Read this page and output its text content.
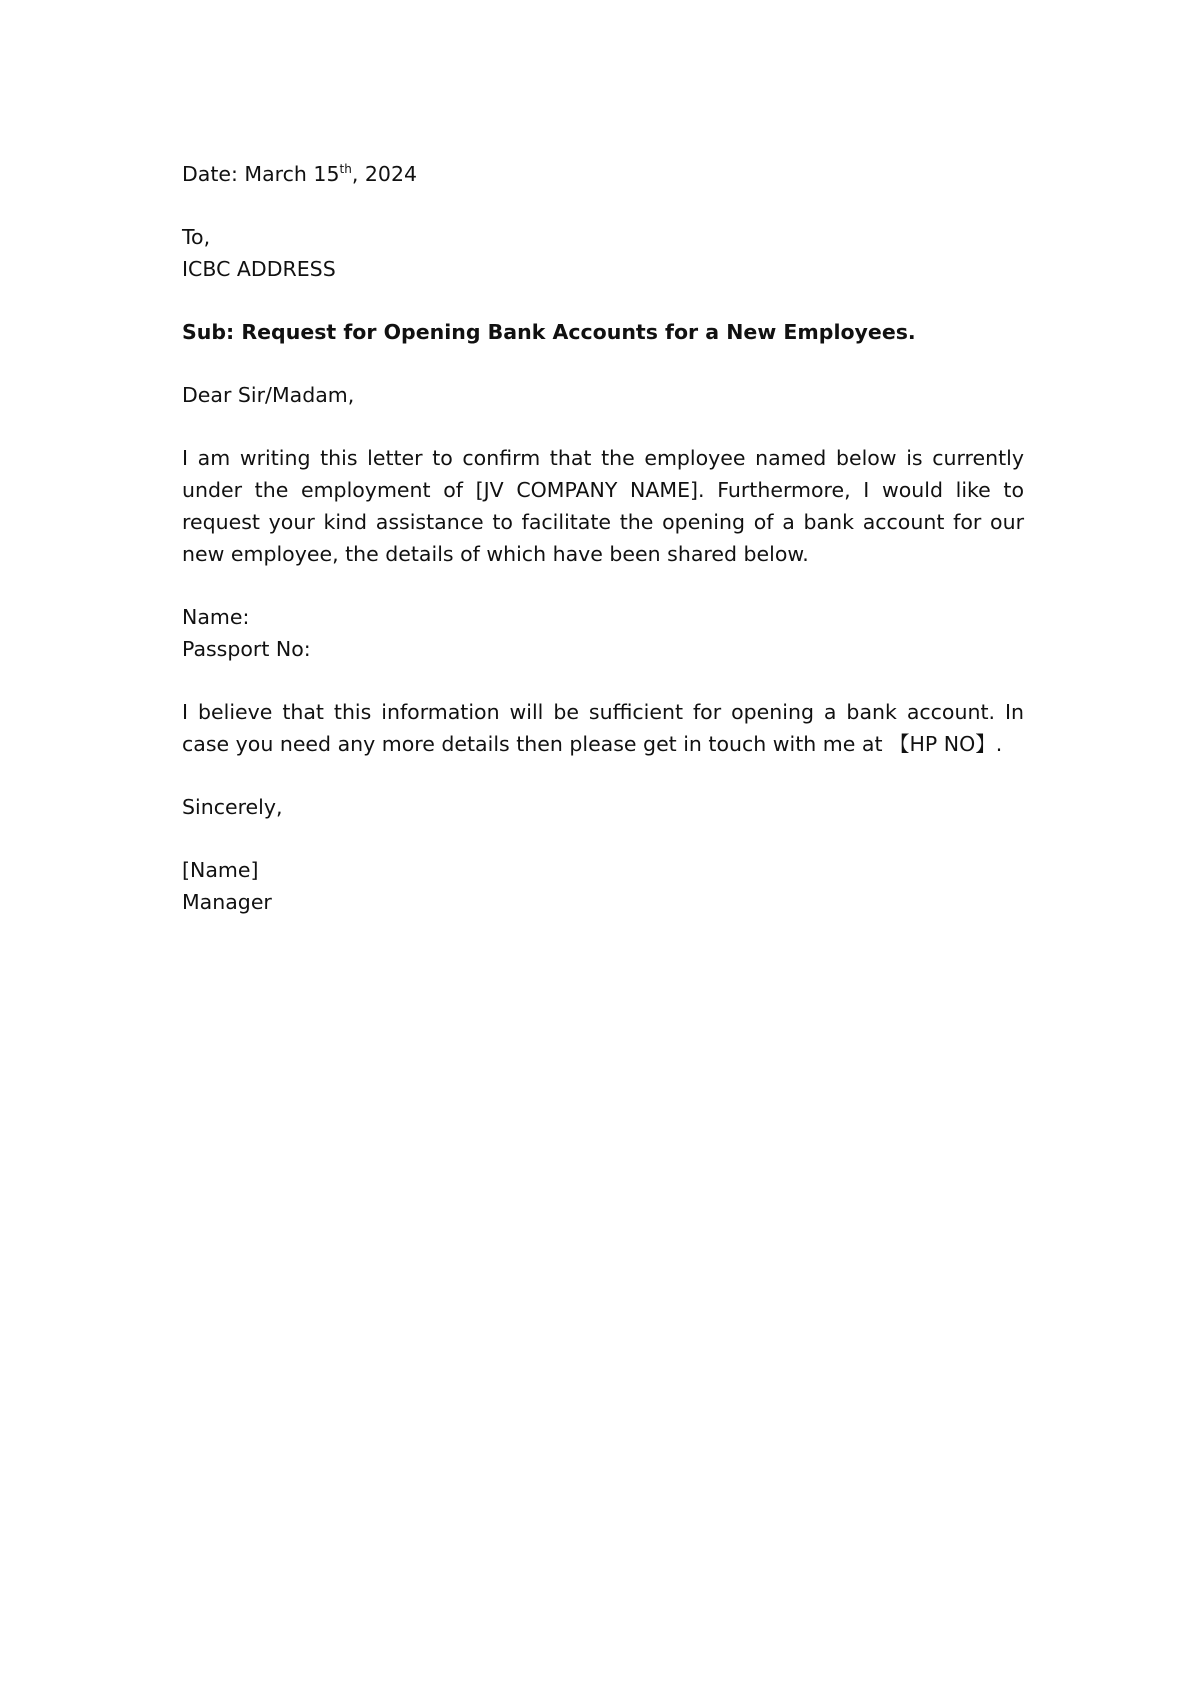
Date: March 15th, 2024

To,
ICBC ADDRESS

Sub: Request for Opening Bank Accounts for a New Employees.

Dear Sir/Madam,

I am writing this letter to confirm that the employee named below is currently under the employment of [JV COMPANY NAME]. Furthermore, I would like to request your kind assistance to facilitate the opening of a bank account for our new employee, the details of which have been shared below.

Name:
Passport No:

I believe that this information will be sufficient for opening a bank account. In case you need any more details then please get in touch with me at 【HP NO】.

Sincerely,

[Name]
Manager
